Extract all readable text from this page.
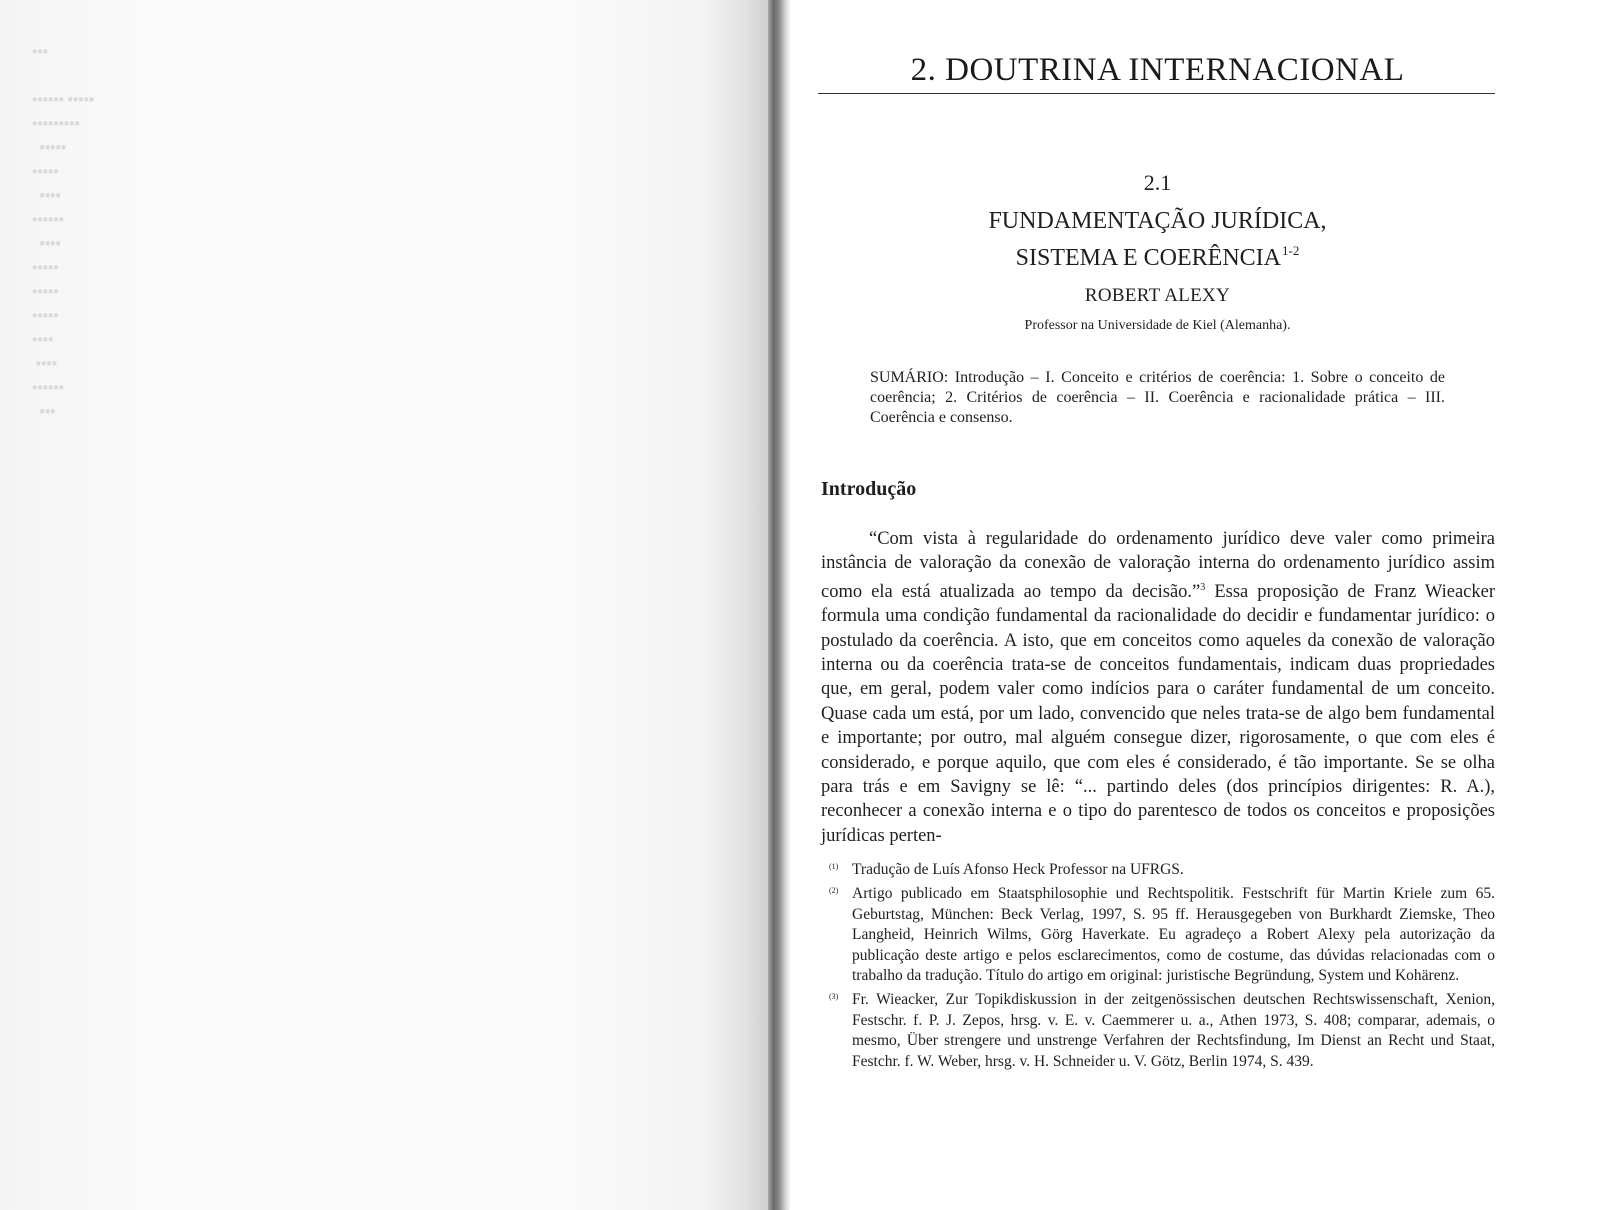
▪▪▪

▪▪▪▪▪▪ ▪▪▪▪▪
▪▪▪▪▪▪▪▪▪
▪▪▪▪▪
▪▪▪▪▪
▪▪▪▪
▪▪▪▪▪▪
▪▪▪▪
▪▪▪▪▪
▪▪▪▪▪
▪▪▪▪▪
▪▪▪▪
▪▪▪▪
▪▪▪▪▪▪
▪▪▪
2. DOUTRINA INTERNACIONAL
2.1
FUNDAMENTAÇÃO JURÍDICA,
SISTEMA E COERÊNCIA$^{1-2}$
ROBERT ALEXY
Professor na Universidade de Kiel (Alemanha).
SUMÁRIO: Introdução – I. Conceito e critérios de coerência: 1. Sobre o conceito de coerência; 2. Critérios de coerência – II. Coerência e racionalidade prática – III. Coerência e consenso.
Introdução

“Com vista à regularidade do ordenamento jurídico deve valer como primeira instância de valoração da conexão de valoração interna do ordenamento jurídico assim como ela está atualizada ao tempo da decisão.”$^3$ Essa proposição de Franz Wieacker formula uma condição fundamental da racionalidade do decidir e fundamentar jurídico: o postulado da coerência. A isto, que em conceitos como aqueles da conexão de valoração interna ou da coerência trata-se de conceitos fundamentais, indicam duas propriedades que, em geral, podem valer como indícios para o caráter fundamental de um conceito. Quase cada um está, por um lado, convencido que neles trata-se de algo bem fundamental e importante; por outro, mal alguém consegue dizer, rigorosamente, o que com eles é considerado, e porque aquilo, que com eles é considerado, é tão importante. Se se olha para trás e em Savigny se lê: “... partindo deles (dos princípios dirigentes: R. A.), reconhecer a conexão interna e o tipo do parentesco de todos os conceitos e proposições jurídicas perten-

(1) Tradução de Luís Afonso Heck Professor na UFRGS.
(2) Artigo publicado em Staatsphilosophie und Rechtspolitik. Festschrift für Martin Kriele zum 65. Geburtstag, München: Beck Verlag, 1997, S. 95 ff. Herausgegeben von Burkhardt Ziemske, Theo Langheid, Heinrich Wilms, Görg Haverkate. Eu agradeço a Robert Alexy pela autorização da publicação deste artigo e pelos esclarecimentos, como de costume, das dúvidas relacionadas com o trabalho da tradução. Título do artigo em original: juristische Begründung, System und Kohärenz.
(3) Fr. Wieacker, Zur Topikdiskussion in der zeitgenössischen deutschen Rechtswissenschaft, Xenion, Festschr. f. P. J. Zepos, hrsg. v. E. v. Caemmerer u. a., Athen 1973, S. 408; comparar, ademais, o mesmo, Über strengere und unstrenge Verfahren der Rechtsfindung, Im Dienst an Recht und Staat, Festchr. f. W. Weber, hrsg. v. H. Schneider u. V. Götz, Berlin 1974, S. 439.
